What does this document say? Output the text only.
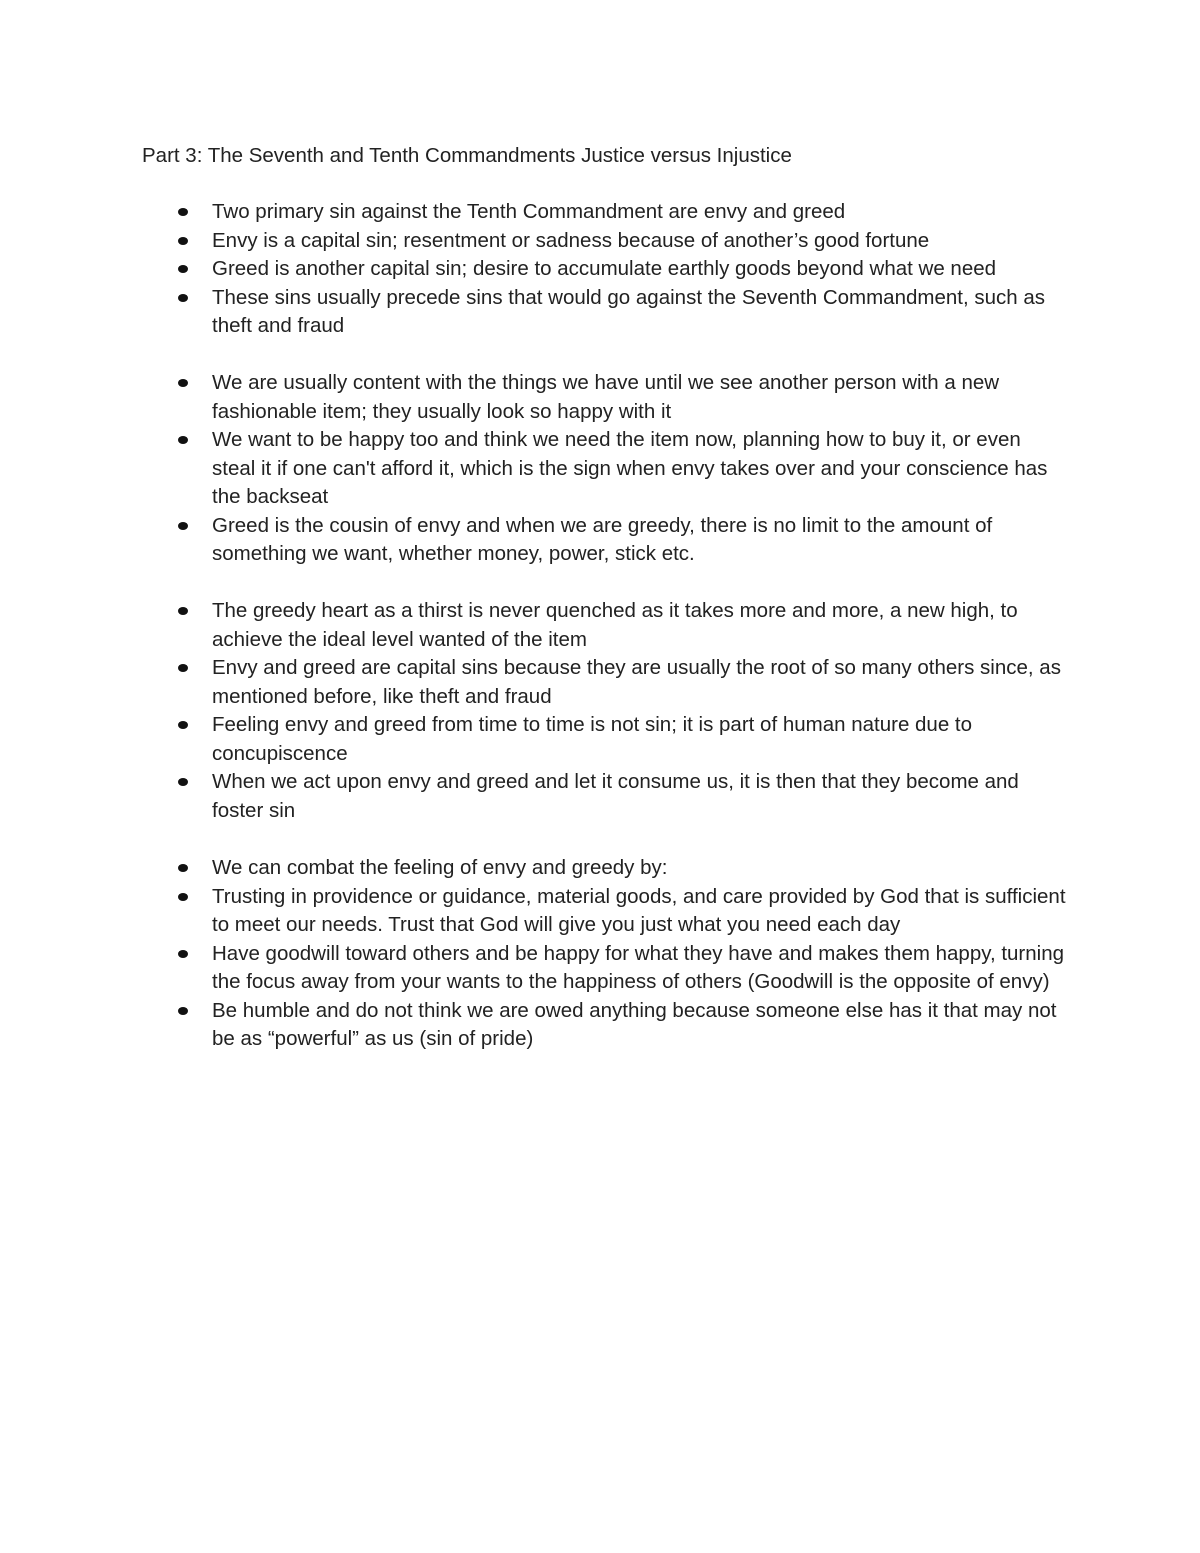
Part 3: The Seventh and Tenth Commandments Justice versus Injustice
Two primary sin against the Tenth Commandment are envy and greed
Envy is a capital sin; resentment or sadness because of another’s good fortune
Greed is another capital sin; desire to accumulate earthly goods beyond what we need
These sins usually precede sins that would go against the Seventh Commandment, such as theft and fraud
We are usually content with the things we have until we see another person with a new fashionable item; they usually look so happy with it
We want to be happy too and think we need the item now, planning how to buy it, or even steal it if one can't afford it, which is the sign when envy takes over and your conscience has the backseat
Greed is the cousin of envy and when we are greedy, there is no limit to the amount of something we want, whether money, power, stick etc.
The greedy heart as a thirst is never quenched as it takes more and more, a new high, to achieve the ideal level wanted of the item
Envy and greed are capital sins because they are usually the root of so many others since, as mentioned before, like theft and fraud
Feeling envy and greed from time to time is not sin; it is part of human nature due to concupiscence
When we act upon envy and greed and let it consume us, it is then that they become and foster sin
We can combat the feeling of envy and greedy by:
Trusting in providence or guidance, material goods, and care provided by God that is sufficient to meet our needs. Trust that God will give you just what you need each day
Have goodwill toward others and be happy for what they have and makes them happy, turning the focus away from your wants to the happiness of others (Goodwill is the opposite of envy)
Be humble and do not think we are owed anything because someone else has it that may not be as “powerful” as us (sin of pride)
